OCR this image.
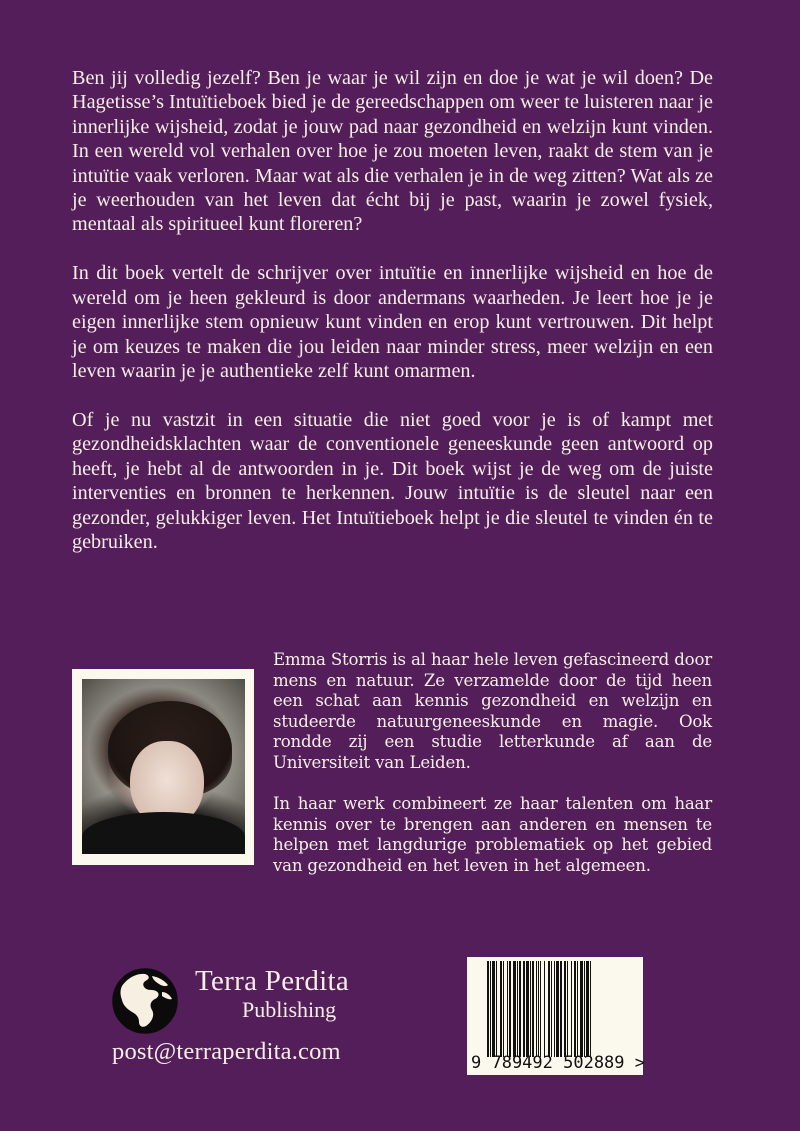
Ben jij volledig jezelf? Ben je waar je wil zijn en doe je wat je wil doen? De Hagetisse’s Intuïtieboek bied je de gereedschappen om weer te luisteren naar je innerlijke wijsheid, zodat je jouw pad naar gezondheid en welzijn kunt vinden. In een wereld vol verhalen over hoe je zou moeten leven, raakt de stem van je intuïtie vaak verloren. Maar wat als die verhalen je in de weg zitten? Wat als ze je weerhouden van het leven dat écht bij je past, waarin je zowel fysiek, mentaal als spiritueel kunt floreren?

In dit boek vertelt de schrijver over intuïtie en innerlijke wijsheid en hoe de wereld om je heen gekleurd is door andermans waarheden. Je leert hoe je je eigen innerlijke stem opnieuw kunt vinden en erop kunt vertrouwen. Dit helpt je om keuzes te maken die jou leiden naar minder stress, meer welzijn en een leven waarin je je authentieke zelf kunt omarmen.

Of je nu vastzit in een situatie die niet goed voor je is of kampt met gezondheidsklachten waar de conventionele geneeskunde geen antwoord op heeft, je hebt al de antwoorden in je. Dit boek wijst je de weg om de juiste interventies en bronnen te herkennen. Jouw intuïtie is de sleutel naar een gezonder, gelukkiger leven. Het Intuïtieboek helpt je die sleutel te vinden én te gebruiken.

Emma Storris is al haar hele leven gefascineerd door mens en natuur. Ze verzamelde door de tijd heen een schat aan kennis gezondheid en welzijn en studeerde natuurgeneeskunde en magie. Ook rondde zij een studie letterkunde af aan de Universiteit van Leiden.

In haar werk combineert ze haar talenten om haar kennis over te brengen aan anderen en mensen te helpen met langdurige problematiek op het gebied van gezondheid en het leven in het algemeen.

Terra Perdita
Publishing
post@terraperdita.com	9 789492 502889 >
